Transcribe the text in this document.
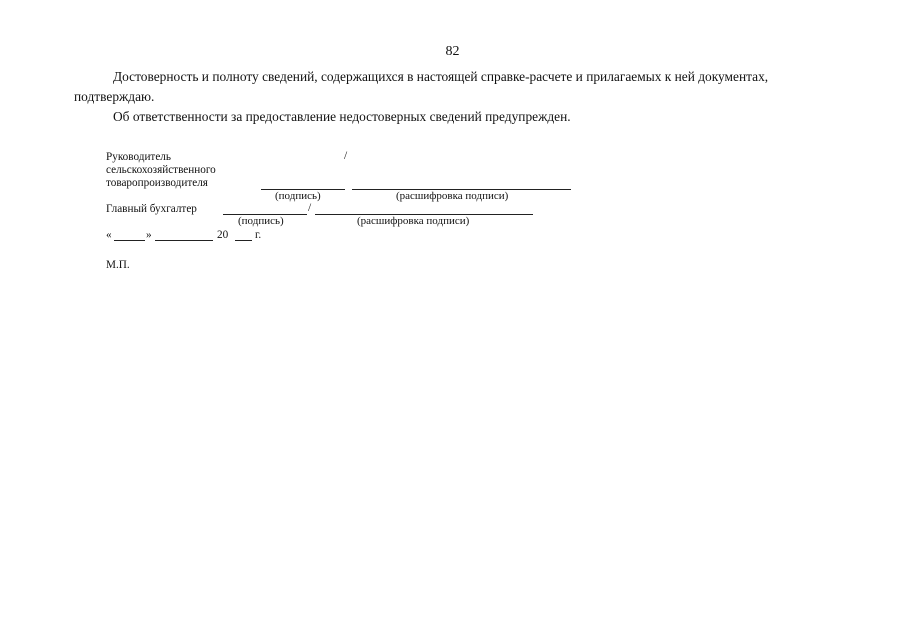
82
Достоверность и полноту сведений, содержащихся в настоящей справке-расчете и прилагаемых к ней документах,
подтверждаю.
Об ответственности за предоставление недостоверных сведений предупрежден.
Руководитель
сельскохозяйственного
товаропроизводителя
/
(подпись)	(расшифровка подписи)
Главный бухгалтер	/
(подпись)	(расшифровка подписи)
«	»	20 г.
М.П.
